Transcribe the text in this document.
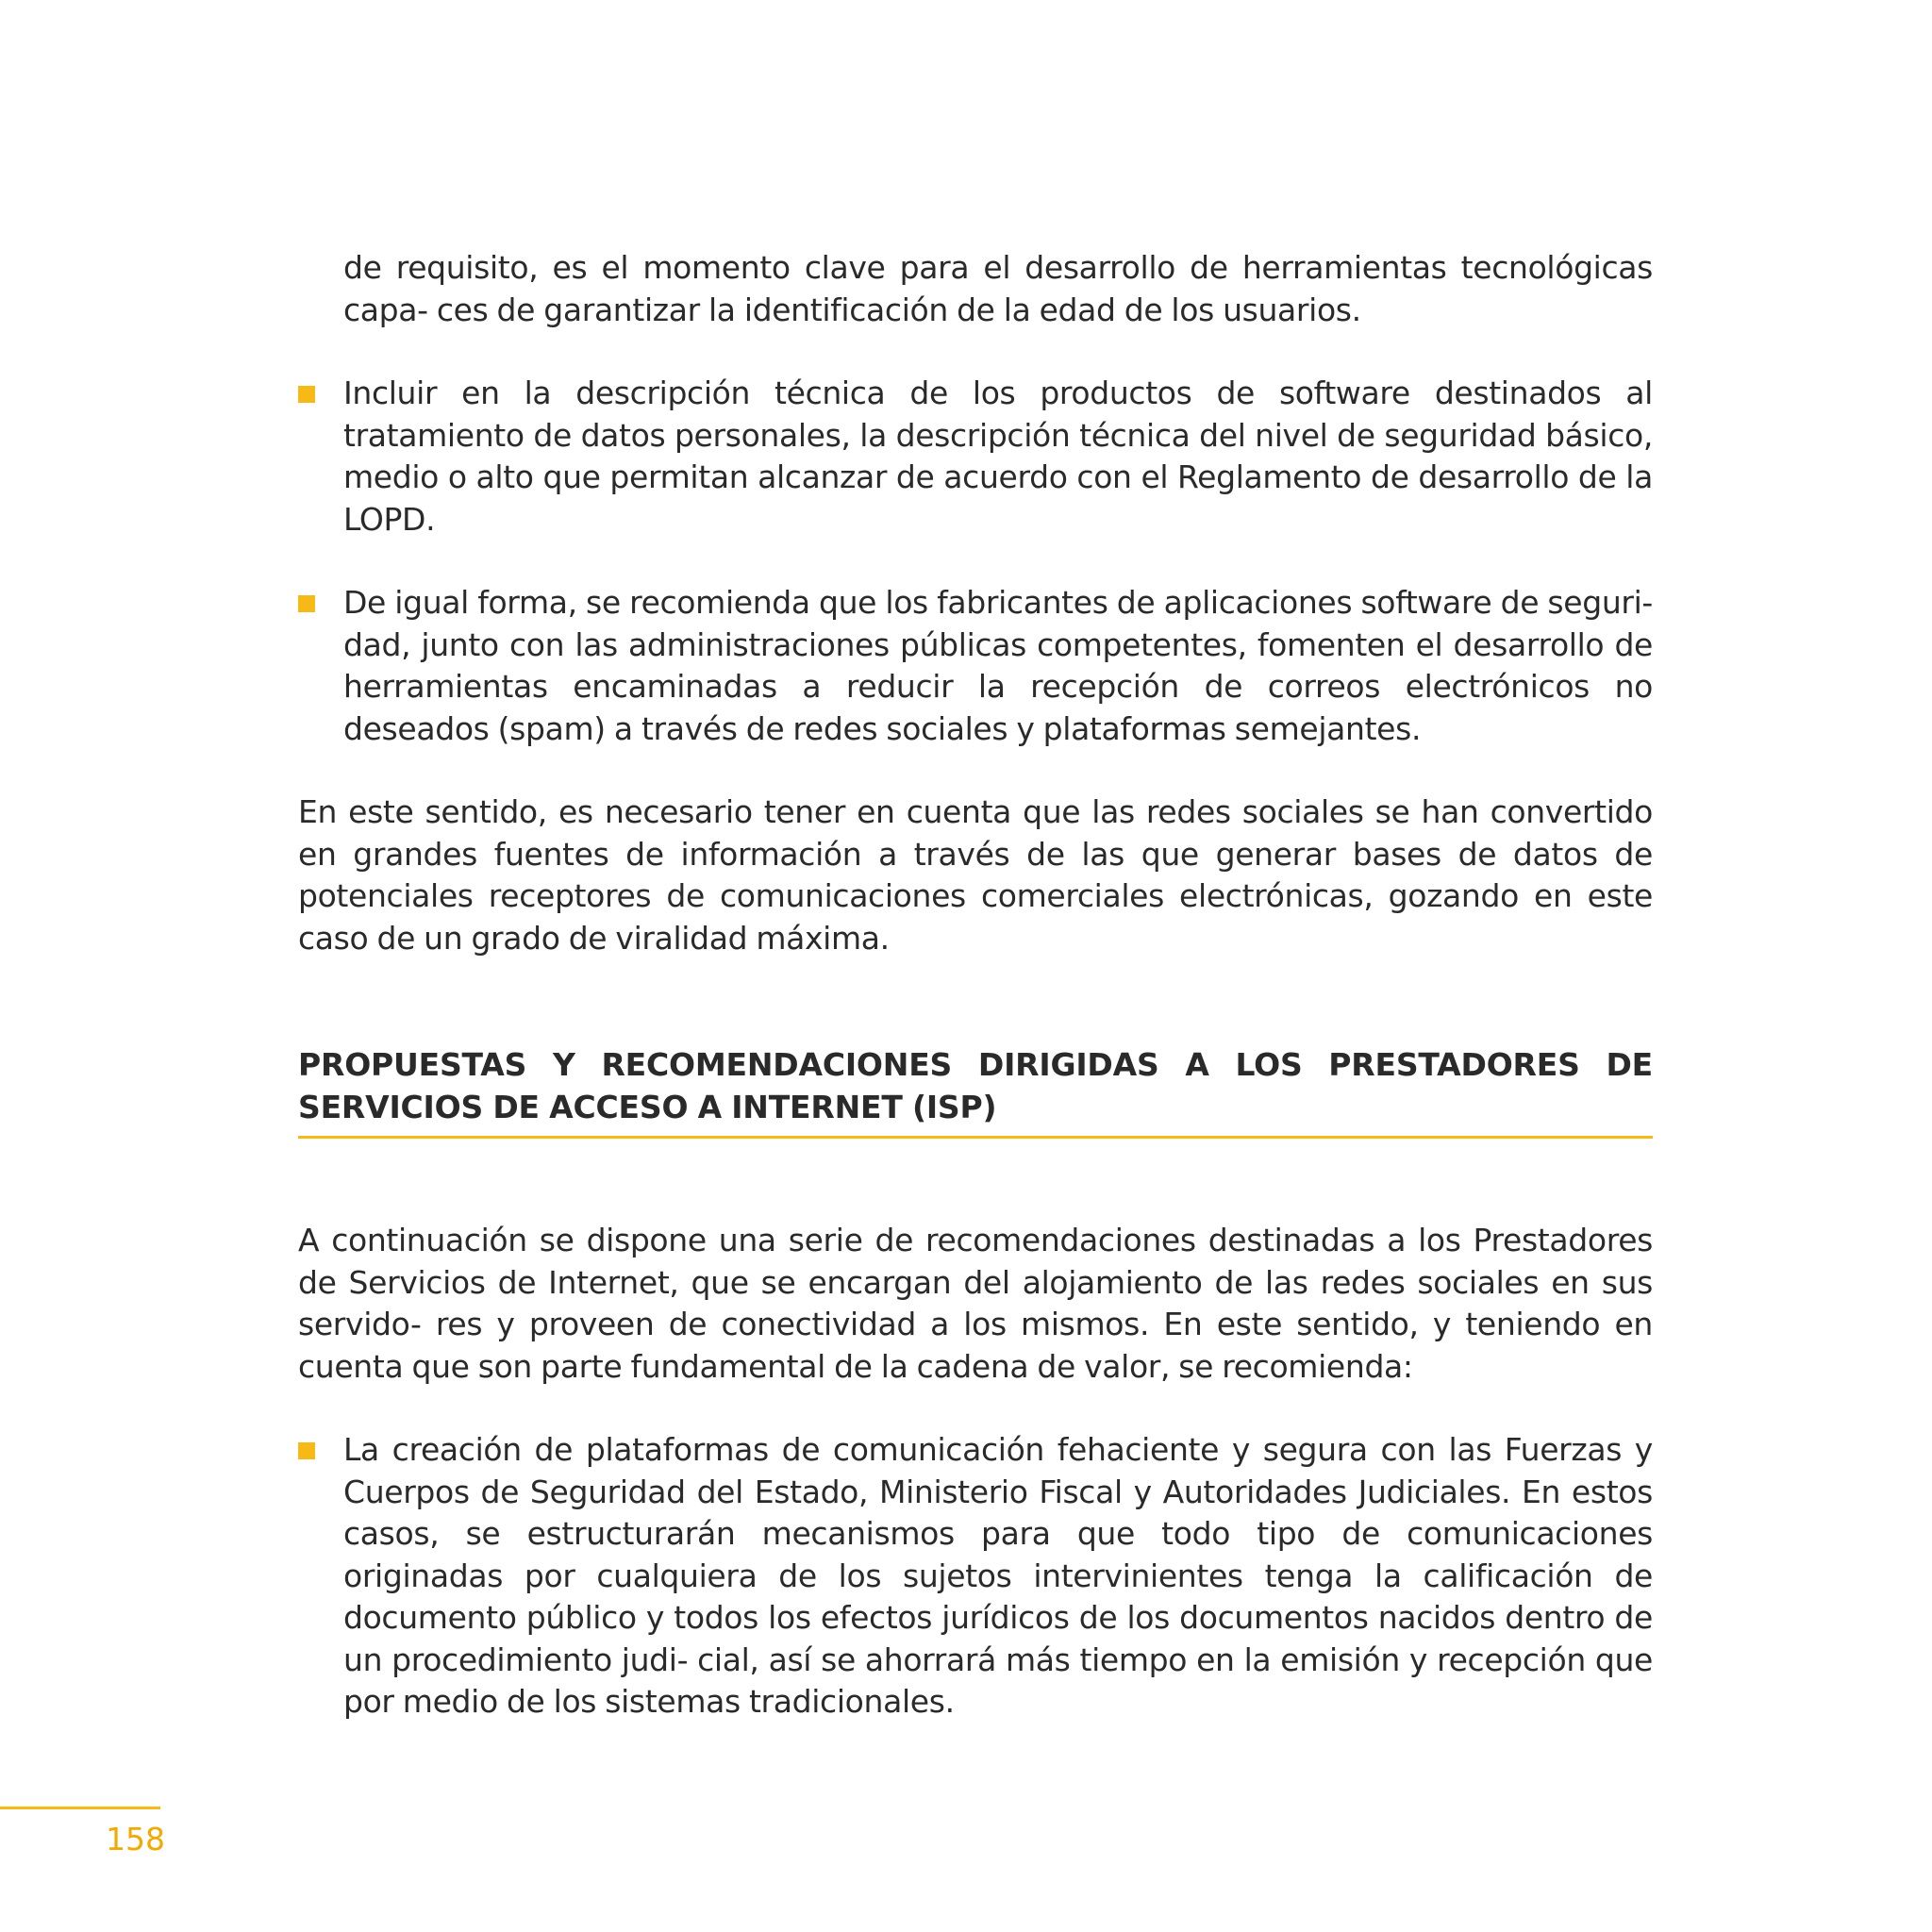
de requisito, es el momento clave para el desarrollo de herramientas tecnológicas capa- ces de garantizar la identificación de la edad de los usuarios.

Incluir en la descripción técnica de los productos de software destinados al tratamiento de datos personales, la descripción técnica del nivel de seguridad básico, medio o alto que permitan alcanzar de acuerdo con el Reglamento de desarrollo de la LOPD.

De igual forma, se recomienda que los fabricantes de aplicaciones software de seguri- dad, junto con las administraciones públicas competentes, fomenten el desarrollo de herramientas encaminadas a reducir la recepción de correos electrónicos no deseados (spam) a través de redes sociales y plataformas semejantes.

En este sentido, es necesario tener en cuenta que las redes sociales se han convertido en grandes fuentes de información a través de las que generar bases de datos de potenciales receptores de comunicaciones comerciales electrónicas, gozando en este caso de un grado de viralidad máxima.

PROPUESTAS Y RECOMENDACIONES DIRIGIDAS A LOS PRESTADORES DE SERVICIOS DE ACCESO A INTERNET (ISP)

A continuación se dispone una serie de recomendaciones destinadas a los Prestadores de Servicios de Internet, que se encargan del alojamiento de las redes sociales en sus servido- res y proveen de conectividad a los mismos. En este sentido, y teniendo en cuenta que son parte fundamental de la cadena de valor, se recomienda:

La creación de plataformas de comunicación fehaciente y segura con las Fuerzas y Cuerpos de Seguridad del Estado, Ministerio Fiscal y Autoridades Judiciales. En estos casos, se estructurarán mecanismos para que todo tipo de comunicaciones originadas por cualquiera de los sujetos intervinientes tenga la calificación de documento público y todos los efectos jurídicos de los documentos nacidos dentro de un procedimiento judi- cial, así se ahorrará más tiempo en la emisión y recepción que por medio de los sistemas tradicionales.

158
